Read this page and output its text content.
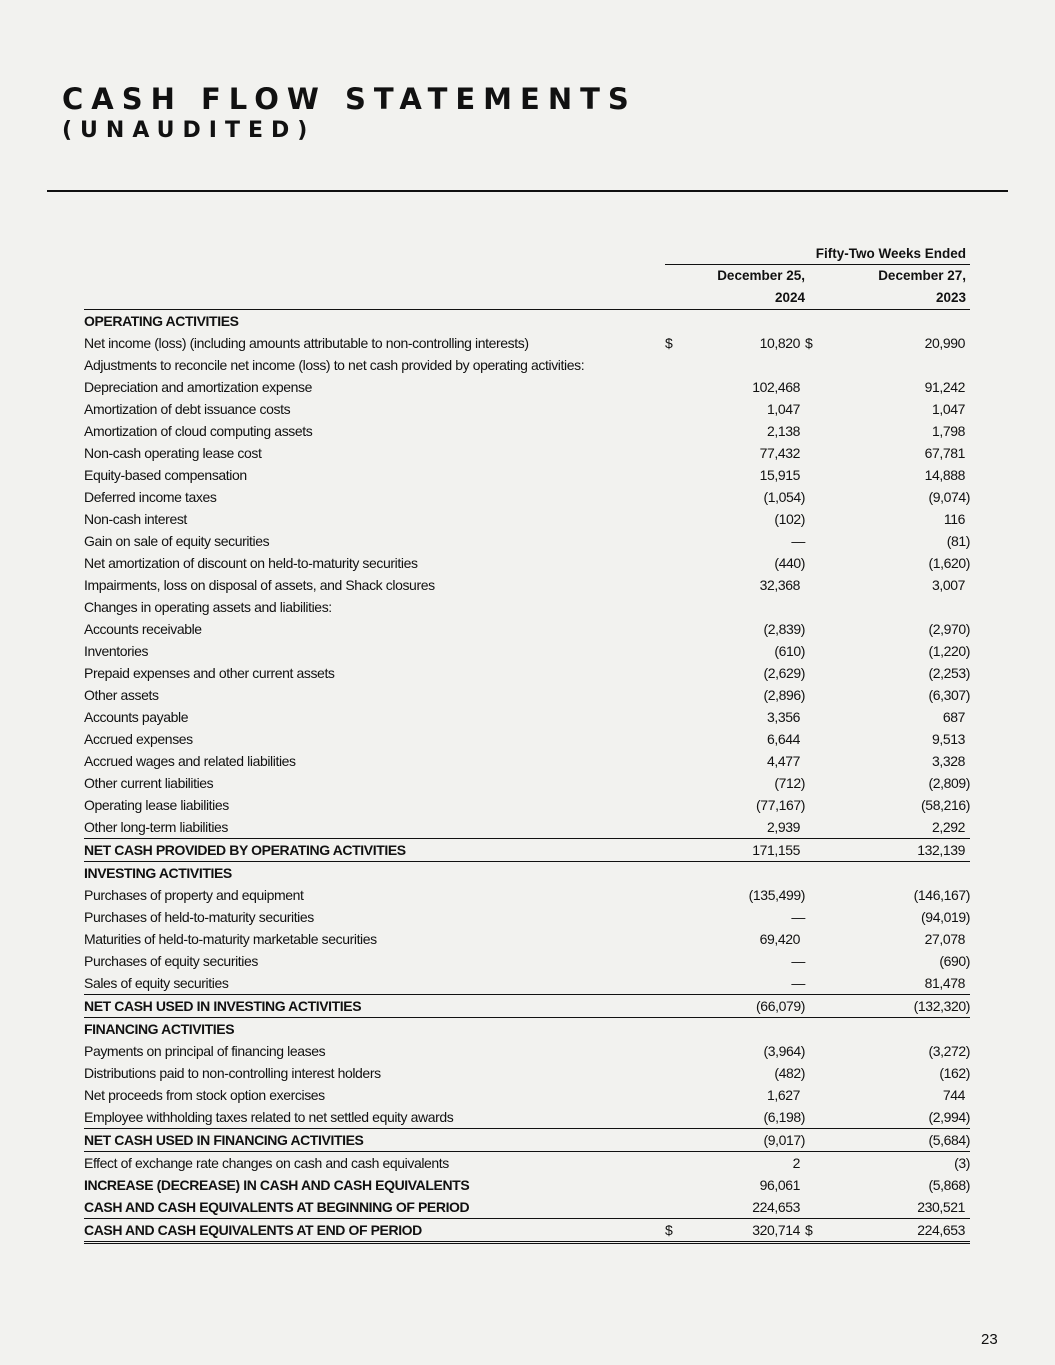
CASH FLOW STATEMENTS
(UNAUDITED)
Fifty-Two Weeks Ended
December 25,
2024
December 27,
2023
OPERATING ACTIVITIES				
Net income (loss) (including amounts attributable to non-controlling interests)	$	10,820	$	20,990
Adjustments to reconcile net income (loss) to net cash provided by operating activities:				
Depreciation and amortization expense		102,468		91,242
Amortization of debt issuance costs		1,047		1,047
Amortization of cloud computing assets		2,138		1,798
Non-cash operating lease cost		77,432		67,781
Equity-based compensation		15,915		14,888
Deferred income taxes		(1,054)		(9,074)
Non-cash interest		(102)		116
Gain on sale of equity securities		—		(81)
Net amortization of discount on held-to-maturity securities		(440)		(1,620)
Impairments, loss on disposal of assets, and Shack closures		32,368		3,007
Changes in operating assets and liabilities:				
Accounts receivable		(2,839)		(2,970)
Inventories		(610)		(1,220)
Prepaid expenses and other current assets		(2,629)		(2,253)
Other assets		(2,896)		(6,307)
Accounts payable		3,356		687
Accrued expenses		6,644		9,513
Accrued wages and related liabilities		4,477		3,328
Other current liabilities		(712)		(2,809)
Operating lease liabilities		(77,167)		(58,216)
Other long-term liabilities		2,939		2,292
NET CASH PROVIDED BY OPERATING ACTIVITIES		171,155		132,139
INVESTING ACTIVITIES				
Purchases of property and equipment		(135,499)		(146,167)
Purchases of held-to-maturity securities		—		(94,019)
Maturities of held-to-maturity marketable securities		69,420		27,078
Purchases of equity securities		—		(690)
Sales of equity securities		—		81,478
NET CASH USED IN INVESTING ACTIVITIES		(66,079)		(132,320)
FINANCING ACTIVITIES				
Payments on principal of financing leases		(3,964)		(3,272)
Distributions paid to non-controlling interest holders		(482)		(162)
Net proceeds from stock option exercises		1,627		744
Employee withholding taxes related to net settled equity awards		(6,198)		(2,994)
NET CASH USED IN FINANCING ACTIVITIES		(9,017)		(5,684)
Effect of exchange rate changes on cash and cash equivalents		2		(3)
INCREASE (DECREASE) IN CASH AND CASH EQUIVALENTS		96,061		(5,868)
CASH AND CASH EQUIVALENTS AT BEGINNING OF PERIOD		224,653		230,521
CASH AND CASH EQUIVALENTS AT END OF PERIOD	$	320,714	$	224,653
23
